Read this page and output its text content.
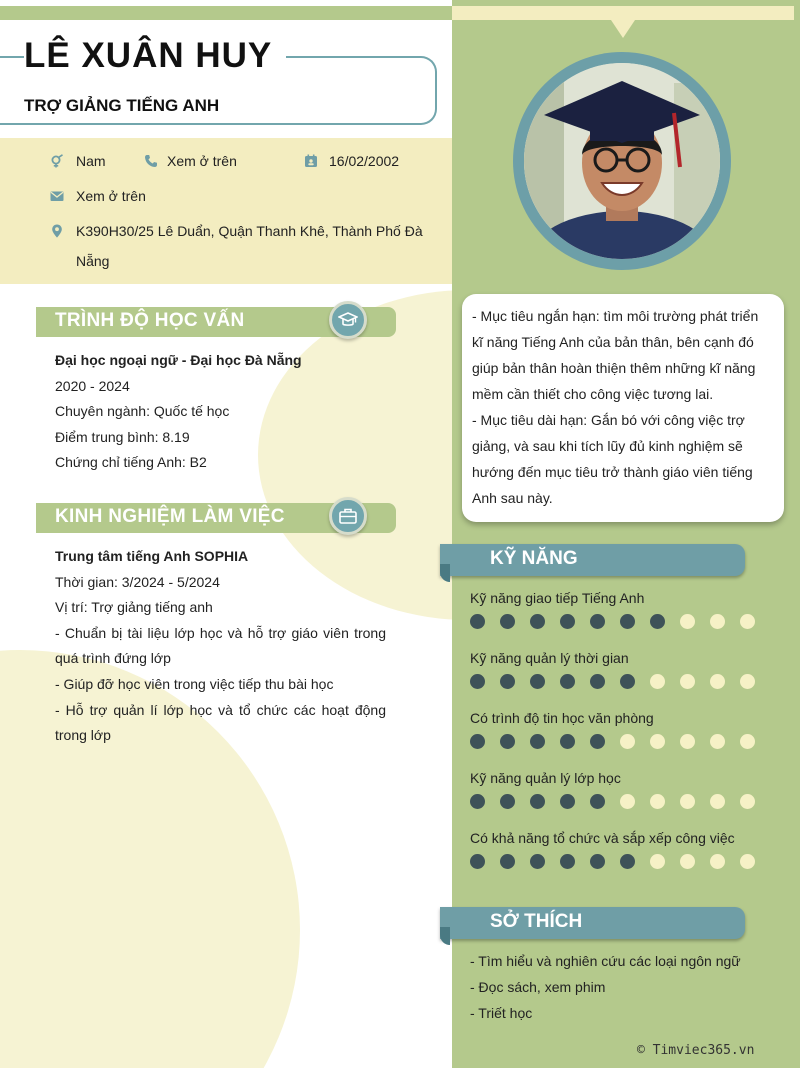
LÊ XUÂN HUY
TRỢ GIẢNG TIẾNG ANH
Nam	Xem ở trên	16/02/2002
Xem ở trên
K390H30/25 Lê Duẩn, Quận Thanh Khê, Thành Phố Đà
Nẵng
TRÌNH ĐỘ HỌC VẤN
Đại học ngoại ngữ - Đại học Đà Nẵng
2020 - 2024
Chuyên ngành: Quốc tế học
Điểm trung bình: 8.19
Chứng chỉ tiếng Anh: B2
KINH NGHIỆM LÀM VIỆC
Trung tâm tiếng Anh SOPHIA
Thời gian: 3/2024 - 5/2024
Vị trí: Trợ giảng tiếng anh
- Chuẩn bị tài liệu lớp học và hỗ trợ giáo viên trong
quá trình đứng lớp
- Giúp đỡ học viên trong việc tiếp thu bài học
- Hỗ trợ quản lí lớp học và tổ chức các hoạt động
trong lớp
- Mục tiêu ngắn hạn: tìm môi trường phát triển
kĩ năng Tiếng Anh của bản thân, bên cạnh đó
giúp bản thân hoàn thiện thêm những kĩ năng
mềm cần thiết cho công việc tương lai.
- Mục tiêu dài hạn: Gắn bó với công việc trợ
giảng, và sau khi tích lũy đủ kinh nghiệm sẽ
hướng đến mục tiêu trở thành giáo viên tiếng
Anh sau này.
KỸ NĂNG
Kỹ năng giao tiếp Tiếng Anh
Kỹ năng quản lý thời gian
Có trình độ tin học văn phòng
Kỹ năng quản lý lớp học
Có khả năng tổ chức và sắp xếp công việc
SỞ THÍCH
- Tìm hiểu và nghiên cứu các loại ngôn ngữ
- Đọc sách, xem phim
- Triết học
© Timviec365.vn
